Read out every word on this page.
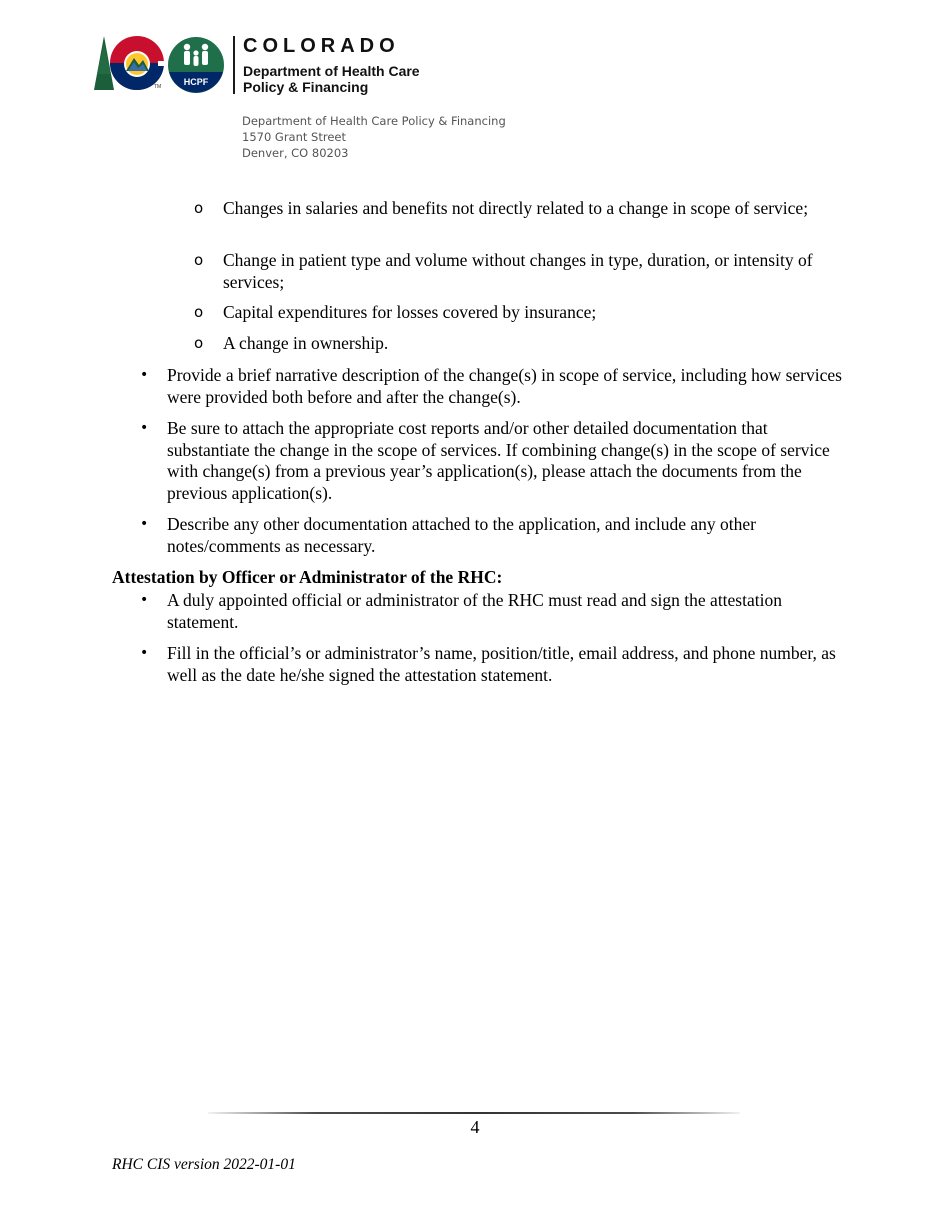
TM	HCPF
COLORADO
Department of Health Care
Policy & Financing
Department of Health Care Policy & Financing
1570 Grant Street
Denver, CO 80203
o Changes in salaries and benefits not directly related to a change in scope of service;
o Change in patient type and volume without changes in type, duration, or intensity of services;
o Capital expenditures for losses covered by insurance;
o A change in ownership.
• Provide a brief narrative description of the change(s) in scope of service, including how services were provided both before and after the change(s).
• Be sure to attach the appropriate cost reports and/or other detailed documentation that substantiate the change in the scope of services. If combining change(s) in the scope of service with change(s) from a previous year’s application(s), please attach the documents from the previous application(s).
• Describe any other documentation attached to the application, and include any other notes/comments as necessary.
Attestation by Officer or Administrator of the RHC:
• A duly appointed official or administrator of the RHC must read and sign the attestation statement.
• Fill in the official’s or administrator’s name, position/title, email address, and phone number, as well as the date he/she signed the attestation statement.
4
RHC CIS version 2022-01-01
